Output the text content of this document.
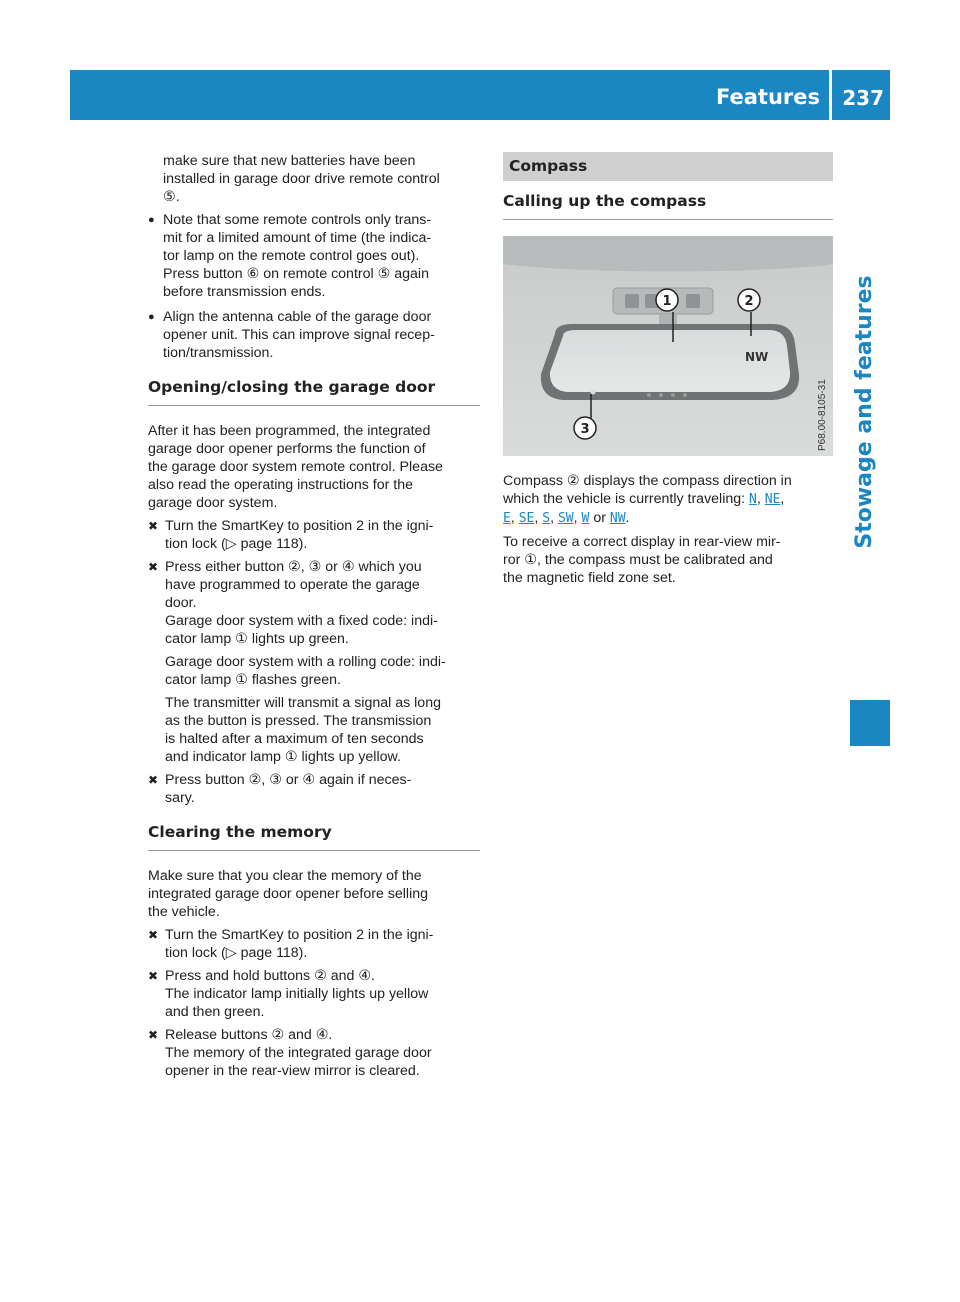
Features 237
Stowage and features

make sure that new batteries have been
installed in garage door drive remote control
⑤.

● Note that some remote controls only trans-
mit for a limited amount of time (the indica-
tor lamp on the remote control goes out).
Press button ⑥ on remote control ⑤ again
before transmission ends.
● Align the antenna cable of the garage door
opener unit. This can improve signal recep-
tion/transmission.
Opening/closing the garage door

After it has been programmed, the integrated
garage door opener performs the function of
the garage door system remote control. Please
also read the operating instructions for the
garage door system.

✖ Turn the SmartKey to position 2 in the igni-
tion lock (▷ page 118).
✖ Press either button ②, ③ or ④ which you
have programmed to operate the garage
door.
Garage door system with a fixed code: indi-
cator lamp ① lights up green.

Garage door system with a rolling code: indi-
cator lamp ① flashes green.

The transmitter will transmit a signal as long
as the button is pressed. The transmission
is halted after a maximum of ten seconds
and indicator lamp ① lights up yellow.

✖ Press button ②, ③ or ④ again if neces-
sary.
Clearing the memory

Make sure that you clear the memory of the
integrated garage door opener before selling
the vehicle.

✖ Turn the SmartKey to position 2 in the igni-
tion lock (▷ page 118).
✖ Press and hold buttons ② and ④.
The indicator lamp initially lights up yellow
and then green.
✖ Release buttons ② and ④.
The memory of the integrated garage door
opener in the rear-view mirror is cleared.
Compass
Calling up the compass
NW
1	2
3	P68.00-8105-31

Compass ② displays the compass direction in
which the vehicle is currently traveling: N, NE,
E, SE, S, SW, W or NW.

To receive a correct display in rear-view mir-
ror ①, the compass must be calibrated and
the magnetic field zone set.
